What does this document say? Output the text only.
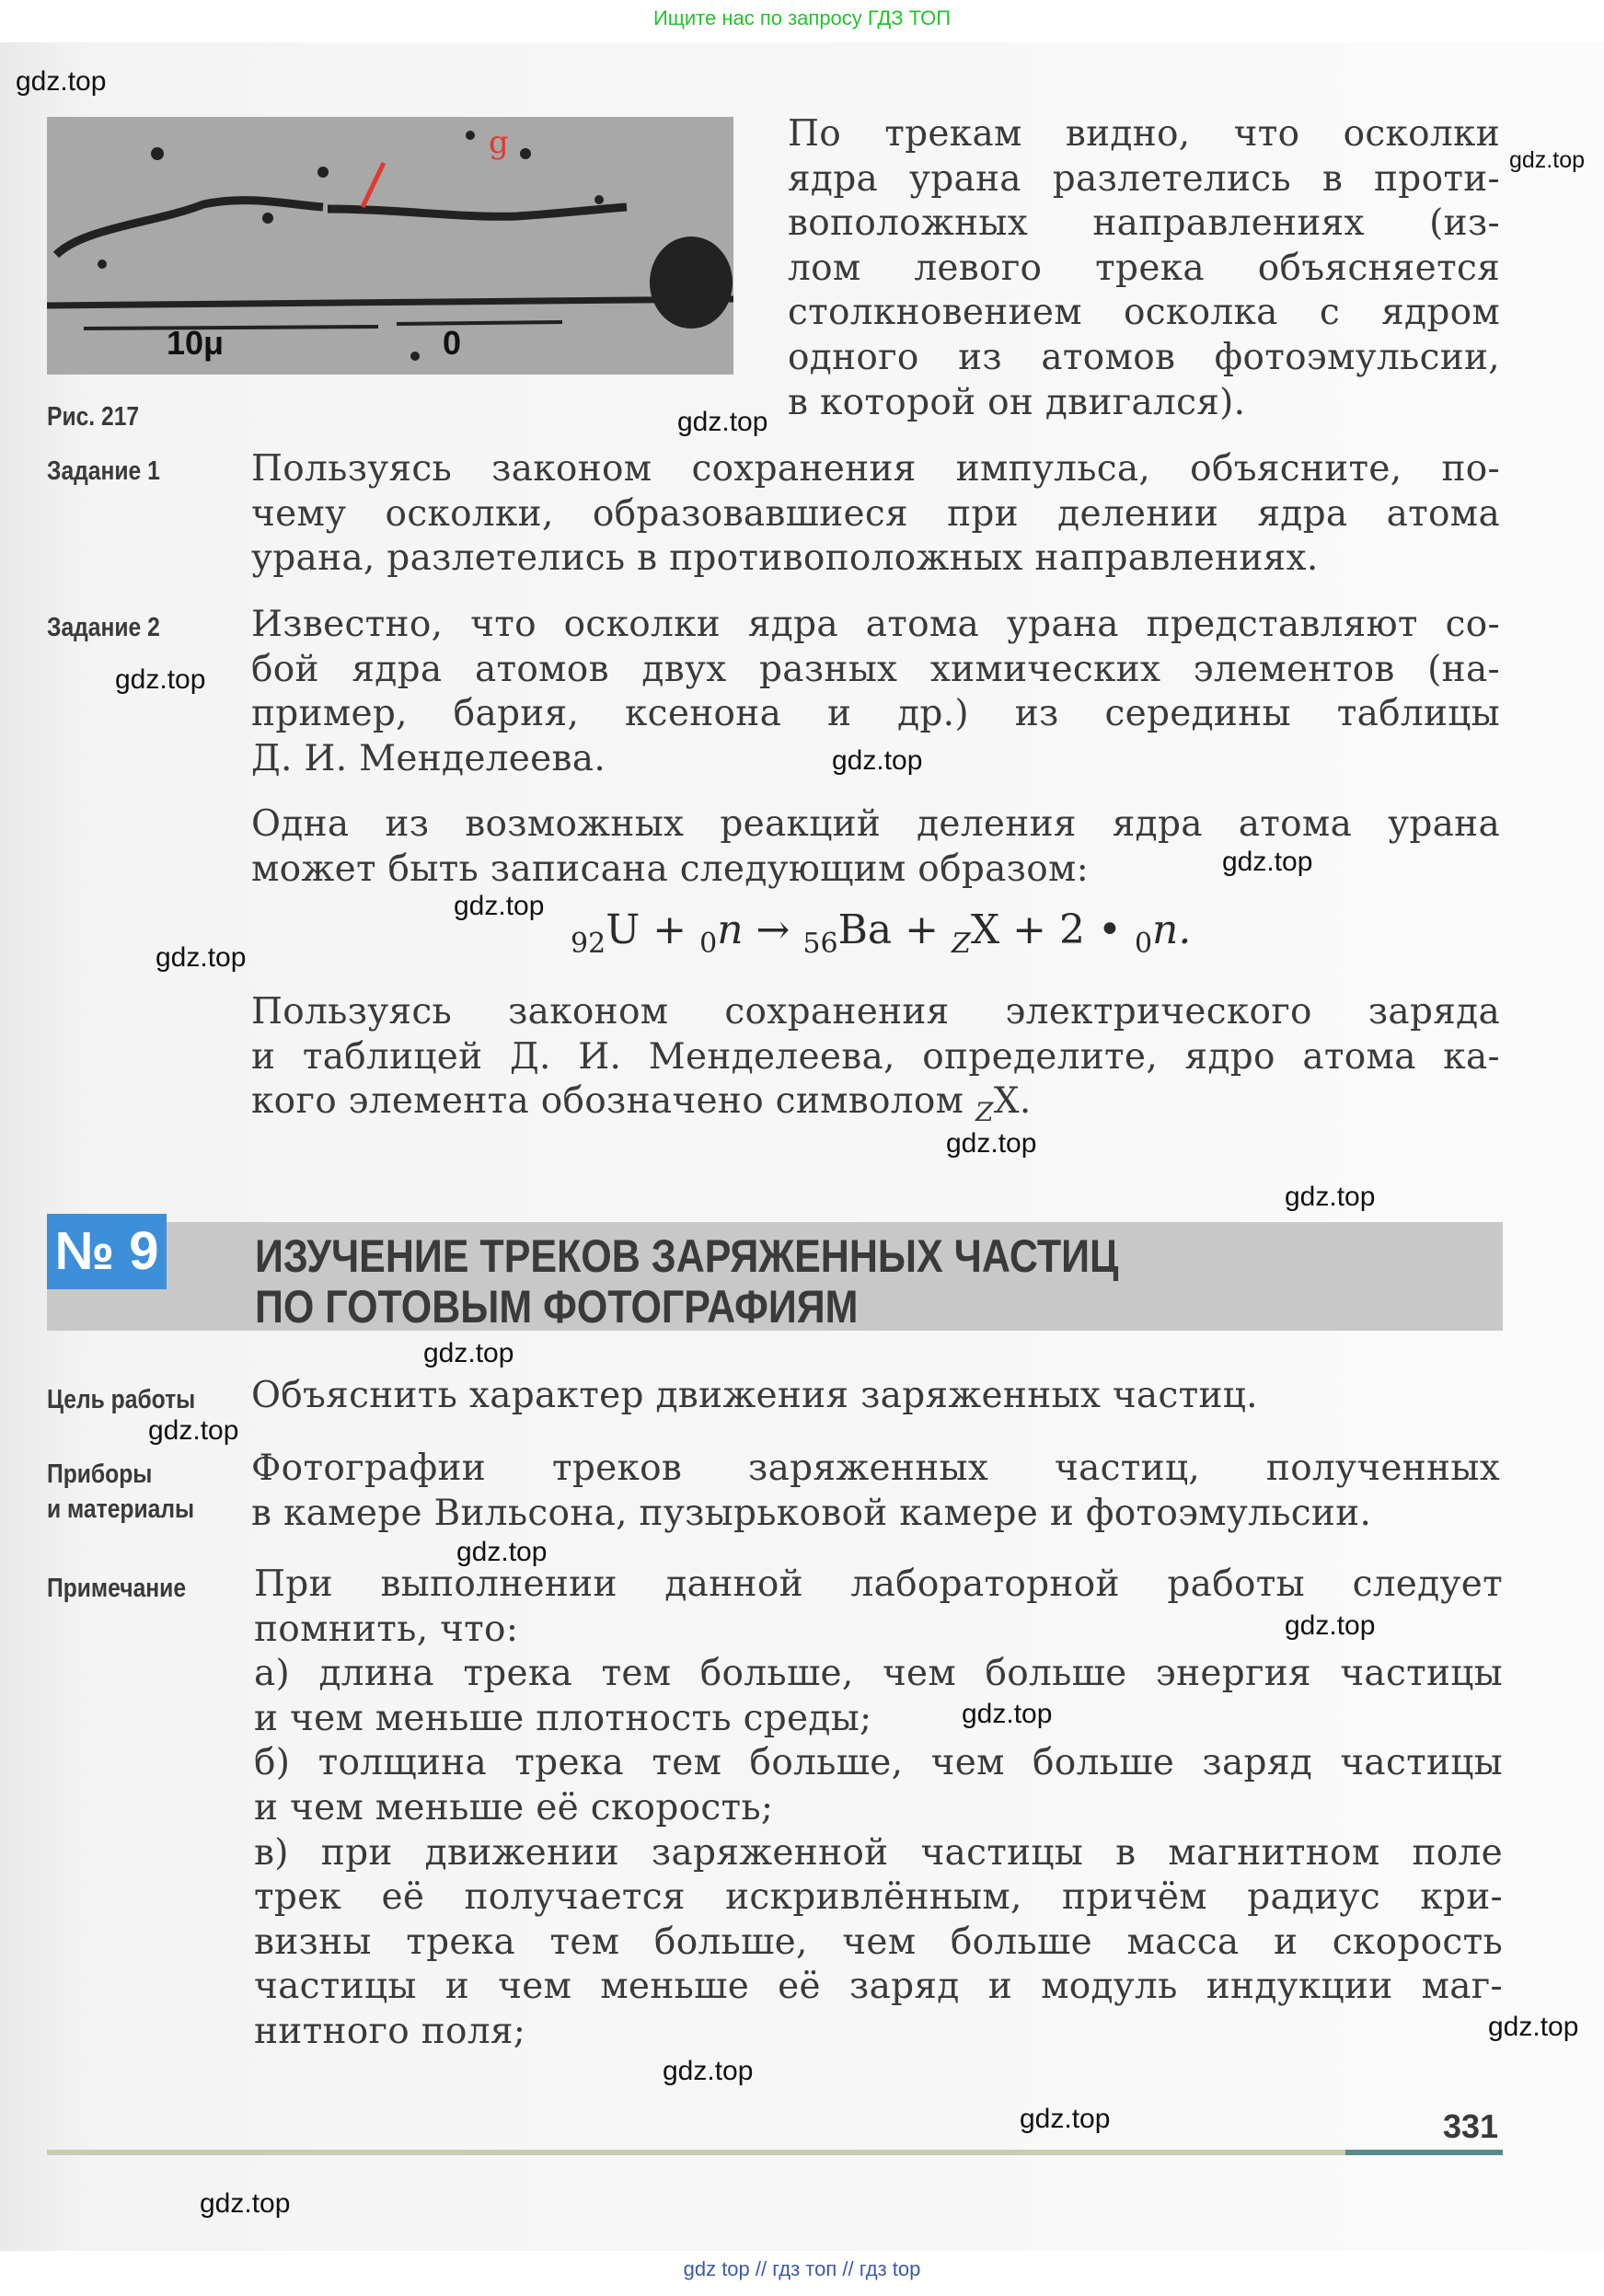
Ищите нас по запросу ГДЗ ТОП
g
10μ	0
Рис. 217
По трекам видно, что осколки
ядра урана разлетелись в проти-
воположных направлениях (из-
лом левого трека объясняется
столкновением осколка с ядром
одного из атомов фотоэмульсии,
в которой он двигался).
Задание 1	Пользуясь законом сохранения импульса, объясните, по-
чему осколки, образовавшиеся при делении ядра атома
урана, разлетелись в противоположных направлениях.
Задание 2	Известно, что осколки ядра атома урана представляют со-
бой ядра атомов двух разных химических элементов (на-
пример, бария, ксенона и др.) из середины таблицы
Д. И. Менделеева.
Одна из возможных реакций деления ядра атома урана
может быть записана следующим образом:
$_{92}$U + $_0$n → $_{56}$Ba + $_Z$X + 2 • $_0$n.
Пользуясь законом сохранения электрического заряда
и таблицей Д. И. Менделеева, определите, ядро атома ка-
кого элемента обозначено символом $_Z$X.
№ 9 ИЗУЧЕНИЕ ТРЕКОВ ЗАРЯЖЕННЫХ ЧАСТИЦ
ПО ГОТОВЫМ ФОТОГРАФИЯМ
Цель работы Объяснить характер движения заряженных частиц.
Приборы
и материалы
Фотографии треков заряженных частиц, полученных
в камере Вильсона, пузырьковой камере и фотоэмульсии.
Примечание При выполнении данной лабораторной работы следует
помнить, что:
а) длина трека тем больше, чем больше энергия частицы
и чем меньше плотность среды;
б) толщина трека тем больше, чем больше заряд частицы
и чем меньше её скорость;
в) при движении заряженной частицы в магнитном поле
трек её получается искривлённым, причём радиус кри-
визны трека тем больше, чем больше масса и скорость
частицы и чем меньше её заряд и модуль индукции маг-
нитного поля;
331
gdz.top
gdz.top
gdz.top
gdz.top
gdz.top
gdz.top
gdz.top
gdz.top
gdz.top
gdz.top
gdz.top
gdz.top
gdz.top
gdz.top
gdz.top
gdz.top
gdz.top
gdz.top
gdz.top
gdz top // гдз топ // гдз top
